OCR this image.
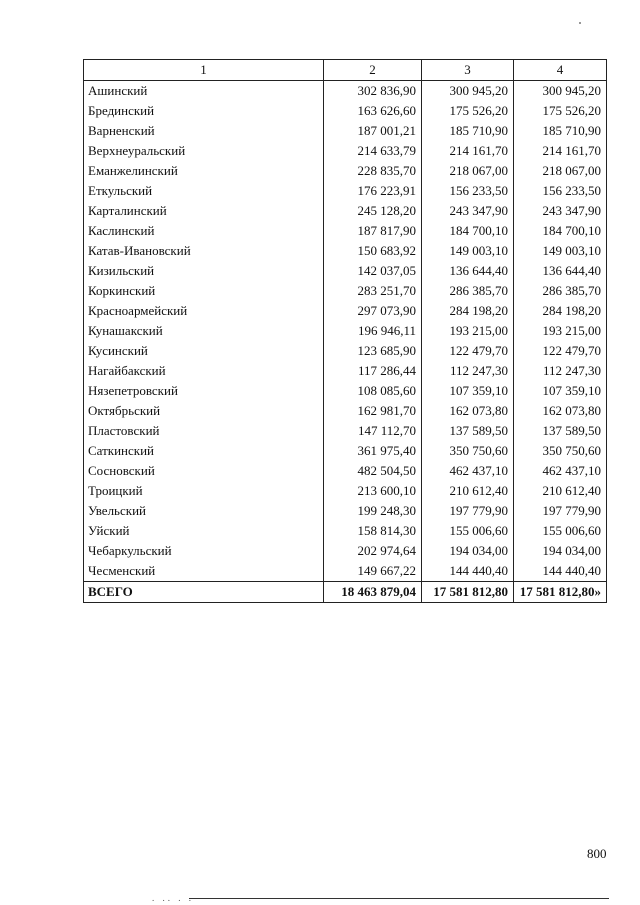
1	2	3	4
Ашинский	302 836,90	300 945,20	300 945,20
Брединский	163 626,60	175 526,20	175 526,20
Варненский	187 001,21	185 710,90	185 710,90
Верхнеуральский	214 633,79	214 161,70	214 161,70
Еманжелинский	228 835,70	218 067,00	218 067,00
Еткульский	176 223,91	156 233,50	156 233,50
Карталинский	245 128,20	243 347,90	243 347,90
Каслинский	187 817,90	184 700,10	184 700,10
Катав-Ивановский	150 683,92	149 003,10	149 003,10
Кизильский	142 037,05	136 644,40	136 644,40
Коркинский	283 251,70	286 385,70	286 385,70
Красноармейский	297 073,90	284 198,20	284 198,20
Кунашакский	196 946,11	193 215,00	193 215,00
Кусинский	123 685,90	122 479,70	122 479,70
Нагайбакский	117 286,44	112 247,30	112 247,30
Нязепетровский	108 085,60	107 359,10	107 359,10
Октябрьский	162 981,70	162 073,80	162 073,80
Пластовский	147 112,70	137 589,50	137 589,50
Саткинский	361 975,40	350 750,60	350 750,60
Сосновский	482 504,50	462 437,10	462 437,10
Троицкий	213 600,10	210 612,40	210 612,40
Увельский	199 248,30	197 779,90	197 779,90
Уйский	158 814,30	155 006,60	155 006,60
Чебаркульский	202 974,64	194 034,00	194 034,00
Чесменский	149 667,22	144 440,40	144 440,40
ВСЕГО	18 463 879,04	17 581 812,80	17 581 812,80»
800
. .. . .
